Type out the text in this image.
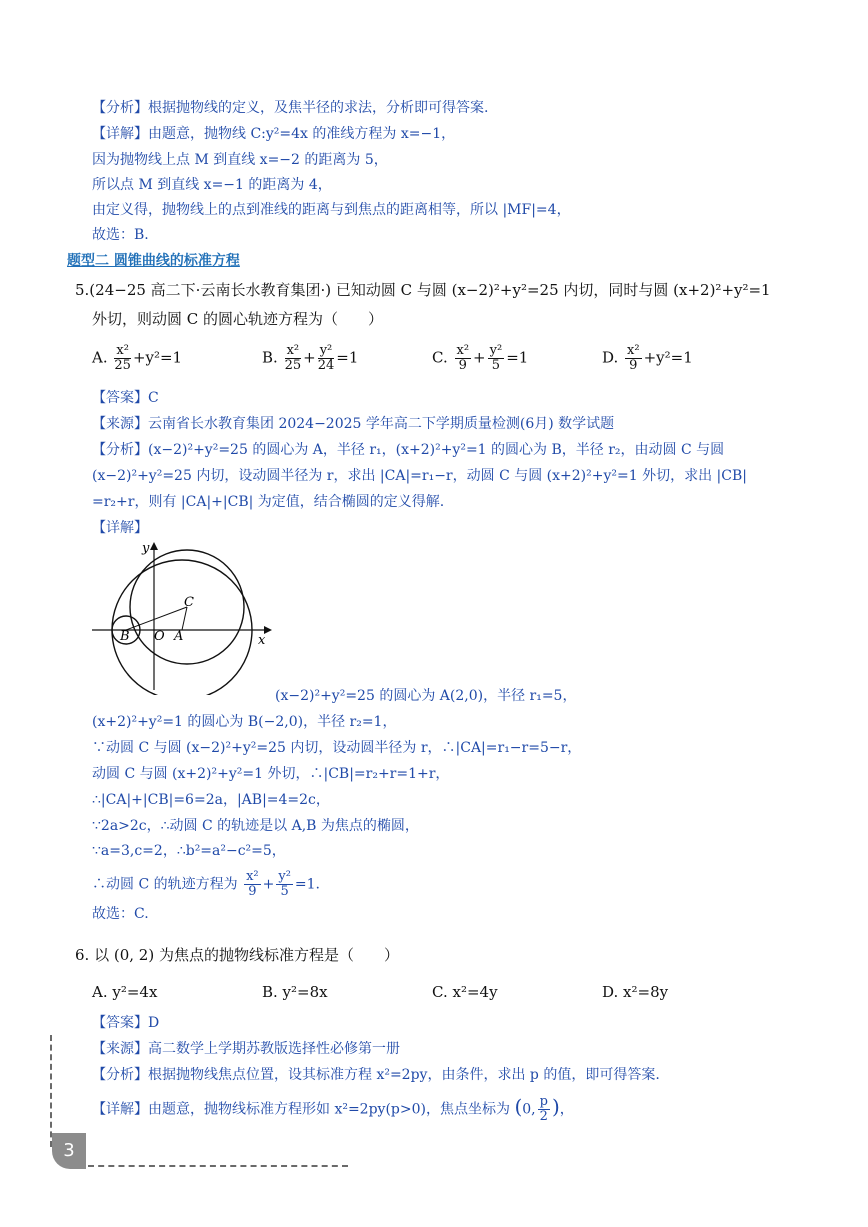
【分析】根据抛物线的定义，及焦半径的求法，分析即可得答案.
【详解】由题意，抛物线 C:y²=4x 的准线方程为 x=−1，
因为抛物线上点 M 到直线 x=−2 的距离为 5，
所以点 M 到直线 x=−1 的距离为 4，
由定义得，抛物线上的点到准线的距离与到焦点的距离相等，所以 |MF|=4，
故选：B.
题型二 圆锥曲线的标准方程
5.(24−25 高二下·云南长水教育集团·) 已知动圆 C 与圆 (x−2)²+y²=25 内切，同时与圆 (x+2)²+y²=1
外切，则动圆 C 的圆心轨迹方程为（　　）
A. $\frac{\text{x²}}{25} +y^2=1$	B. $\frac{\text{x²}}{25} + \frac{\text{y²}}{24} =1$	C. $\frac{\text{x²}}{9} + \frac{\text{y²}}{5} =1$	D. $\frac{\text{x²}}{9} +y^2=1$
【答案】C
【来源】云南省长水教育集团 2024−2025 学年高二下学期质量检测(6月) 数学试题
【分析】(x−2)²+y²=25 的圆心为 A，半径 r₁，(x+2)²+y²=1 的圆心为 B，半径 r₂，由动圆 C 与圆
(x−2)²+y²=25 内切，设动圆半径为 r，求出 |CA|=r₁−r，动圆 C 与圆 (x+2)²+y²=1 外切，求出 |CB|
=r₂+r，则有 |CA|+|CB| 为定值，结合椭圆的定义得解.
【详解】
y
x
C
B O A
(x−2)²+y²=25 的圆心为 A(2,0)，半径 r₁=5，
(x+2)²+y²=1 的圆心为 B(−2,0)，半径 r₂=1，
∵动圆 C 与圆 (x−2)²+y²=25 内切，设动圆半径为 r，∴|CA|=r₁−r=5−r，
动圆 C 与圆 (x+2)²+y²=1 外切，∴|CB|=r₂+r=1+r，
∴|CA|+|CB|=6=2a，|AB|=4=2c，
∵2a>2c，∴动圆 C 的轨迹是以 A,B 为焦点的椭圆，
∵a=3,c=2，∴b²=a²−c²=5，
∴动圆 C 的轨迹方程为 $\frac{\text{x²}}{9} + \frac{\text{y²}}{5} =1$.
故选：C.
6. 以 (0, 2) 为焦点的抛物线标准方程是（　　）
A. y²=4x	B. y²=8x	C. x²=4y	D. x²=8y
【答案】D
【来源】高二数学上学期苏教版选择性必修第一册
【分析】根据抛物线焦点位置，设其标准方程 x²=2py，由条件，求出 p 的值，即可得答案.
【详解】由题意，抛物线标准方程形如 x²=2py(p>0)，焦点坐标为 (0, $\frac{p}{2}$ )，
3
